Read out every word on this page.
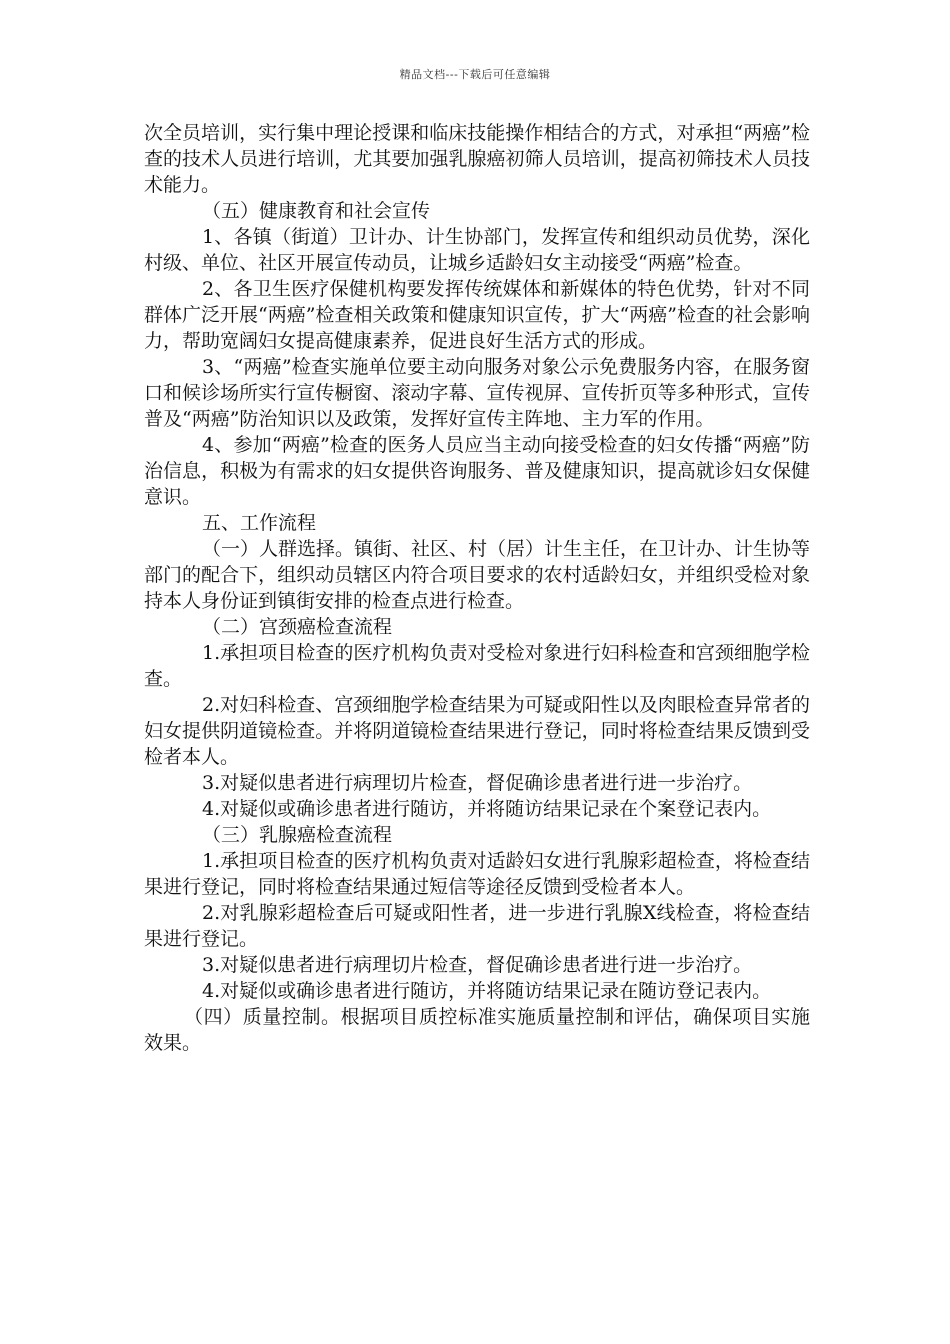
精品文档---下载后可任意编辑

次全员培训，实行集中理论授课和临床技能操作相结合的方式，对承担“两癌”检查的技术人员进行培训，尤其要加强乳腺癌初筛人员培训，提高初筛技术人员技术能力。

（五）健康教育和社会宣传

1、各镇（街道）卫计办、计生协部门，发挥宣传和组织动员优势，深化村级、单位、社区开展宣传动员，让城乡适龄妇女主动接受“两癌”检查。

2、各卫生医疗保健机构要发挥传统媒体和新媒体的特色优势，针对不同群体广泛开展“两癌”检查相关政策和健康知识宣传，扩大“两癌”检查的社会影响力，帮助宽阔妇女提高健康素养，促进良好生活方式的形成。

3、“两癌”检查实施单位要主动向服务对象公示免费服务内容，在服务窗口和候诊场所实行宣传橱窗、滚动字幕、宣传视屏、宣传折页等多种形式，宣传普及“两癌”防治知识以及政策，发挥好宣传主阵地、主力军的作用。

4、参加“两癌”检查的医务人员应当主动向接受检查的妇女传播“两癌”防治信息，积极为有需求的妇女提供咨询服务、普及健康知识，提高就诊妇女保健意识。

五、工作流程

（一）人群选择。镇街、社区、村（居）计生主任，在卫计办、计生协等部门的配合下，组织动员辖区内符合项目要求的农村适龄妇女，并组织受检对象持本人身份证到镇街安排的检查点进行检查。

（二）宫颈癌检查流程

1.承担项目检查的医疗机构负责对受检对象进行妇科检查和宫颈细胞学检查。

2.对妇科检查、宫颈细胞学检查结果为可疑或阳性以及肉眼检查异常者的妇女提供阴道镜检查。并将阴道镜检查结果进行登记，同时将检查结果反馈到受检者本人。

3.对疑似患者进行病理切片检查，督促确诊患者进行进一步治疗。

4.对疑似或确诊患者进行随访，并将随访结果记录在个案登记表内。

（三）乳腺癌检查流程

1.承担项目检查的医疗机构负责对适龄妇女进行乳腺彩超检查，将检查结果进行登记，同时将检查结果通过短信等途径反馈到受检者本人。

2.对乳腺彩超检查后可疑或阳性者，进一步进行乳腺X线检查，将检查结果进行登记。

3.对疑似患者进行病理切片检查，督促确诊患者进行进一步治疗。

4.对疑似或确诊患者进行随访，并将随访结果记录在随访登记表内。

（四）质量控制。根据项目质控标准实施质量控制和评估，确保项目实施效果。
